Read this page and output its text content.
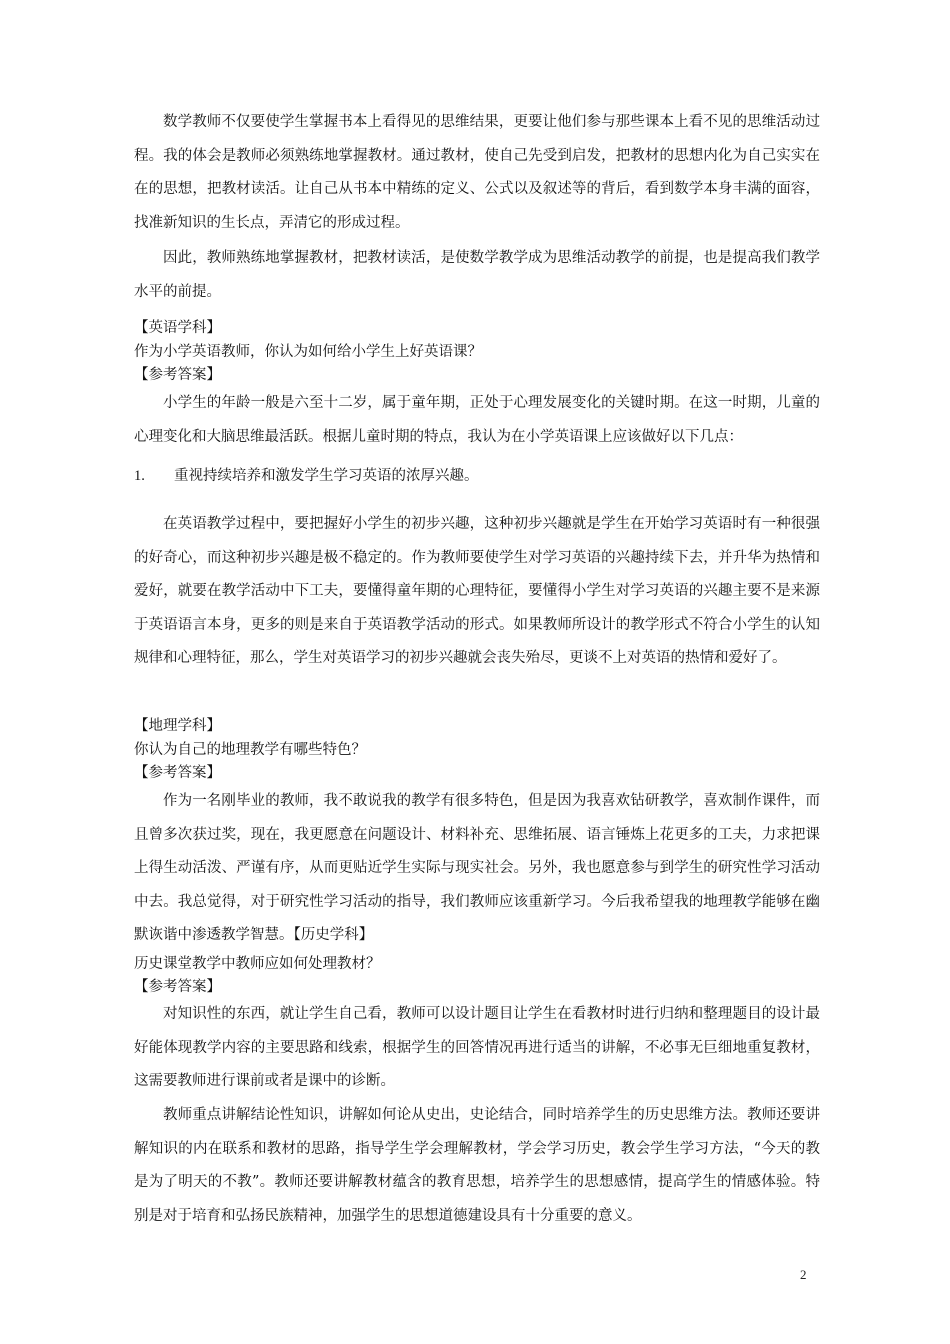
数学教师不仅要使学生掌握书本上看得见的思维结果，更要让他们参与那些课本上看不见的思维活动过程。我的体会是教师必须熟练地掌握教材。通过教材，使自己先受到启发，把教材的思想内化为自己实实在在的思想，把教材读活。让自己从书本中精练的定义、公式以及叙述等的背后，看到数学本身丰满的面容，找准新知识的生长点，弄清它的形成过程。

因此，教师熟练地掌握教材，把教材读活，是使数学教学成为思维活动教学的前提，也是提高我们教学水平的前提。

【英语学科】
作为小学英语教师，你认为如何给小学生上好英语课？
【参考答案】

小学生的年龄一般是六至十二岁，属于童年期，正处于心理发展变化的关键时期。在这一时期，儿童的心理变化和大脑思维最活跃。根据儿童时期的特点，我认为在小学英语课上应该做好以下几点：

1. 重视持续培养和激发学生学习英语的浓厚兴趣。

在英语教学过程中，要把握好小学生的初步兴趣，这种初步兴趣就是学生在开始学习英语时有一种很强的好奇心，而这种初步兴趣是极不稳定的。作为教师要使学生对学习英语的兴趣持续下去，并升华为热情和爱好，就要在教学活动中下工夫，要懂得童年期的心理特征，要懂得小学生对学习英语的兴趣主要不是来源于英语语言本身，更多的则是来自于英语教学活动的形式。如果教师所设计的教学形式不符合小学生的认知规律和心理特征，那么，学生对英语学习的初步兴趣就会丧失殆尽，更谈不上对英语的热情和爱好了。

【地理学科】
你认为自己的地理教学有哪些特色？
【参考答案】

作为一名刚毕业的教师，我不敢说我的教学有很多特色，但是因为我喜欢钻研教学，喜欢制作课件，而且曾多次获过奖，现在，我更愿意在问题设计、材料补充、思维拓展、语言锤炼上花更多的工夫，力求把课上得生动活泼、严谨有序，从而更贴近学生实际与现实社会。另外，我也愿意参与到学生的研究性学习活动中去。我总觉得，对于研究性学习活动的指导，我们教师应该重新学习。今后我希望我的地理教学能够在幽默诙谐中渗透教学智慧。【历史学科】

历史课堂教学中教师应如何处理教材？
【参考答案】

对知识性的东西，就让学生自己看，教师可以设计题目让学生在看教材时进行归纳和整理题目的设计最好能体现教学内容的主要思路和线索，根据学生的回答情况再进行适当的讲解，不必事无巨细地重复教材，这需要教师进行课前或者是课中的诊断。

教师重点讲解结论性知识，讲解如何论从史出，史论结合，同时培养学生的历史思维方法。教师还要讲解知识的内在联系和教材的思路，指导学生学会理解教材，学会学习历史，教会学生学习方法，“今天的教是为了明天的不教”。教师还要讲解教材蕴含的教育思想，培养学生的思想感情，提高学生的情感体验。特别是对于培育和弘扬民族精神，加强学生的思想道德建设具有十分重要的意义。

2
